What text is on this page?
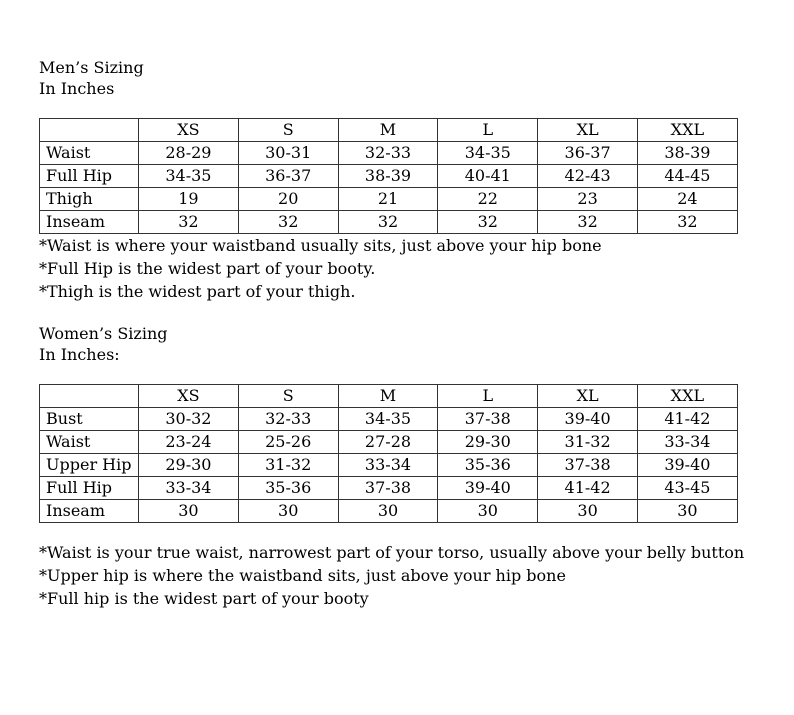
Men’s Sizing
In Inches
	XS	S	M	L	XL	XXL
Waist	28-29	30-31	32-33	34-35	36-37	38-39
Full Hip	34-35	36-37	38-39	40-41	42-43	44-45
Thigh	19	20	21	22	23	24
Inseam	32	32	32	32	32	32
*Waist is where your waistband usually sits, just above your hip bone
*Full Hip is the widest part of your booty.
*Thigh is the widest part of your thigh.
Women’s Sizing
In Inches:
	XS	S	M	L	XL	XXL
Bust	30-32	32-33	34-35	37-38	39-40	41-42
Waist	23-24	25-26	27-28	29-30	31-32	33-34
Upper Hip	29-30	31-32	33-34	35-36	37-38	39-40
Full Hip	33-34	35-36	37-38	39-40	41-42	43-45
Inseam	30	30	30	30	30	30
*Waist is your true waist, narrowest part of your torso, usually above your belly button
*Upper hip is where the waistband sits, just above your hip bone
*Full hip is the widest part of your booty
